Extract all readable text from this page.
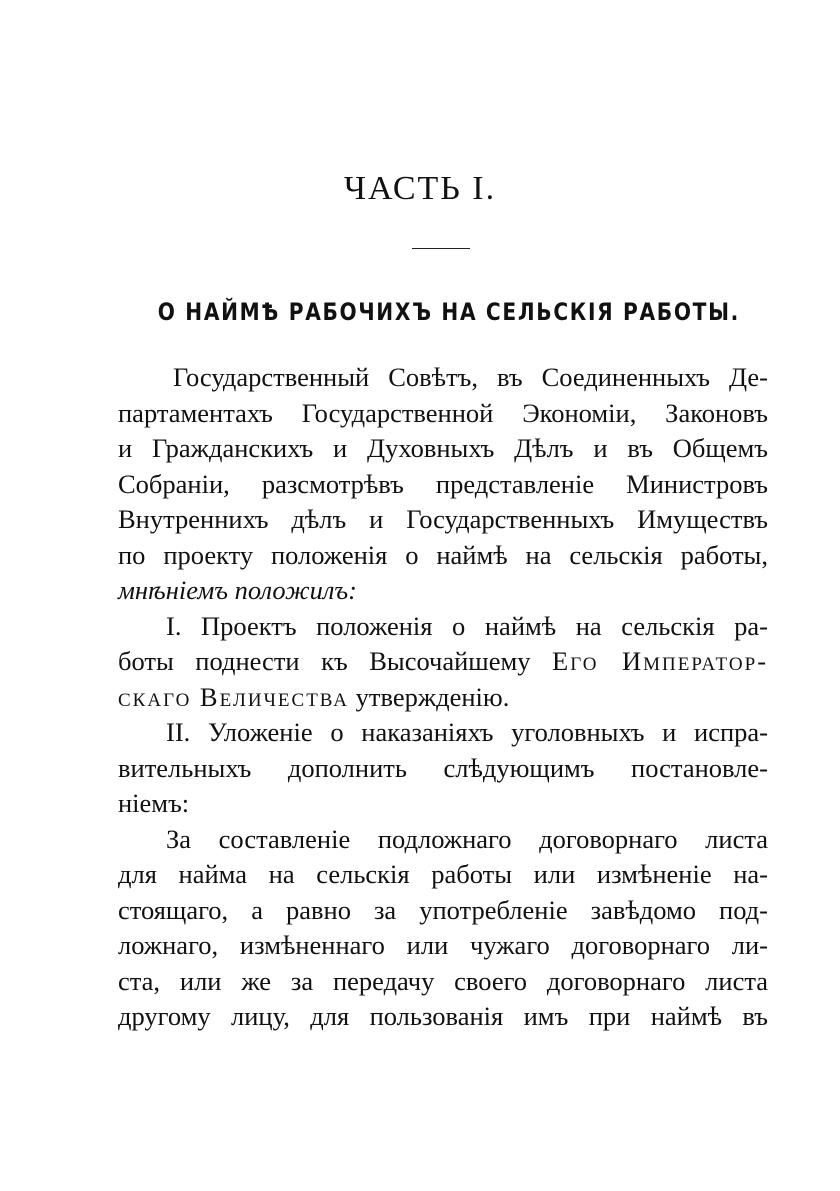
ЧАСТЬ I.
О НАЙМѢ РАБОЧИХЪ НА СЕЛЬСКІЯ РАБОТЫ.
Государственный Совѣтъ, въ Соединенныхъ Де-
партаментахъ Государственной Экономіи, Законовъ
и Гражданскихъ и Духовныхъ Дѣлъ и въ Общемъ
Собраніи, разсмотрѣвъ представленіе Министровъ
Внутреннихъ дѣлъ и Государственныхъ Имуществъ
по проекту положенія о наймѣ на сельскія работы,
мнѣніемъ положилъ:
I. Проектъ положенія о наймѣ на сельскія ра-
боты поднести къ Высочайшему Его Император-
скаго Величества утвержденію.
II. Уложеніе о наказаніяхъ уголовныхъ и испра-
вительныхъ дополнить слѣдующимъ постановле-
ніемъ:
За составленіе подложнаго договорнаго листа
для найма на сельскія работы или измѣненіе на-
стоящаго, а равно за употребленіе завѣдомо под-
ложнаго, измѣненнаго или чужаго договорнаго ли-
ста, или же за передачу своего договорнаго листа
другому лицу, для пользованія имъ при наймѣ въ
